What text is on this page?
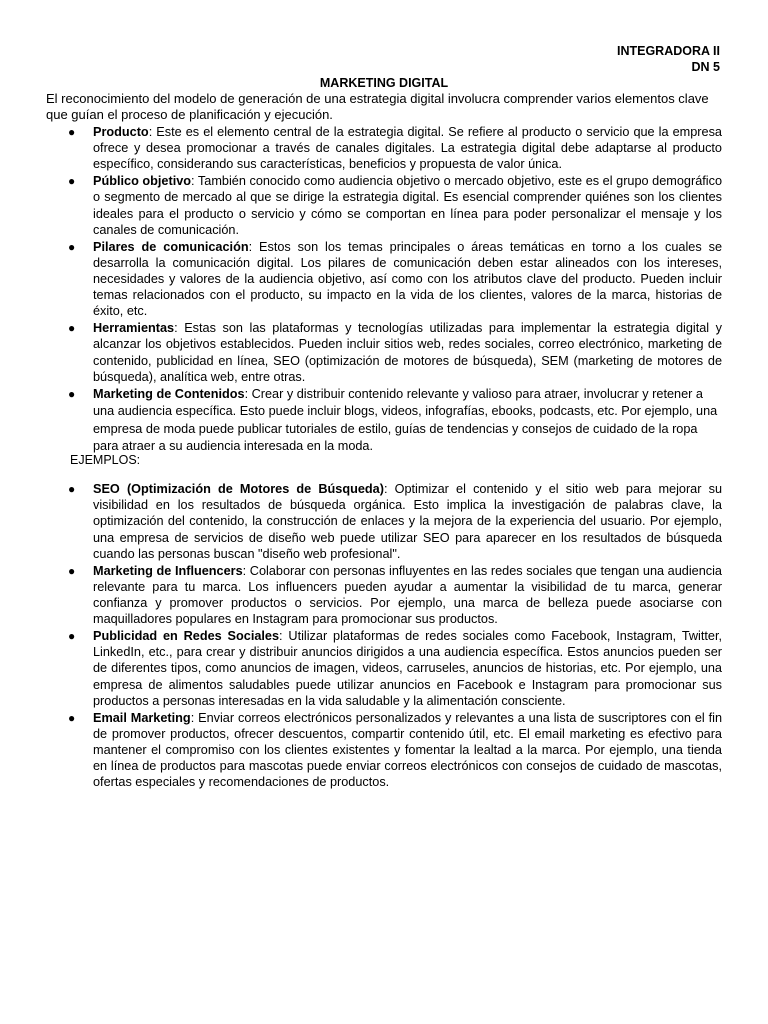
INTEGRADORA II
DN 5
MARKETING DIGITAL

El reconocimiento del modelo de generación de una estrategia digital involucra comprender varios elementos clave que guían el proceso de planificación y ejecución.

● Producto: Este es el elemento central de la estrategia digital. Se refiere al producto o servicio que la empresa ofrece y desea promocionar a través de canales digitales. La estrategia digital debe adaptarse al producto específico, considerando sus características, beneficios y propuesta de valor única.
● Público objetivo: También conocido como audiencia objetivo o mercado objetivo, este es el grupo demográfico o segmento de mercado al que se dirige la estrategia digital. Es esencial comprender quiénes son los clientes ideales para el producto o servicio y cómo se comportan en línea para poder personalizar el mensaje y los canales de comunicación.
● Pilares de comunicación: Estos son los temas principales o áreas temáticas en torno a los cuales se desarrolla la comunicación digital. Los pilares de comunicación deben estar alineados con los intereses, necesidades y valores de la audiencia objetivo, así como con los atributos clave del producto. Pueden incluir temas relacionados con el producto, su impacto en la vida de los clientes, valores de la marca, historias de éxito, etc.
● Herramientas: Estas son las plataformas y tecnologías utilizadas para implementar la estrategia digital y alcanzar los objetivos establecidos. Pueden incluir sitios web, redes sociales, correo electrónico, marketing de contenido, publicidad en línea, SEO (optimización de motores de búsqueda), SEM (marketing de motores de búsqueda), analítica web, entre otras.
● Marketing de Contenidos: Crear y distribuir contenido relevante y valioso para atraer, involucrar y retener a una audiencia específica. Esto puede incluir blogs, videos, infografías, ebooks, podcasts, etc. Por ejemplo, una empresa de moda puede publicar tutoriales de estilo, guías de tendencias y consejos de cuidado de la ropa para atraer a su audiencia interesada en la moda.
EJEMPLOS:
● SEO (Optimización de Motores de Búsqueda): Optimizar el contenido y el sitio web para mejorar su visibilidad en los resultados de búsqueda orgánica. Esto implica la investigación de palabras clave, la optimización del contenido, la construcción de enlaces y la mejora de la experiencia del usuario. Por ejemplo, una empresa de servicios de diseño web puede utilizar SEO para aparecer en los resultados de búsqueda cuando las personas buscan "diseño web profesional".
● Marketing de Influencers: Colaborar con personas influyentes en las redes sociales que tengan una audiencia relevante para tu marca. Los influencers pueden ayudar a aumentar la visibilidad de tu marca, generar confianza y promover productos o servicios. Por ejemplo, una marca de belleza puede asociarse con maquilladores populares en Instagram para promocionar sus productos.
● Publicidad en Redes Sociales: Utilizar plataformas de redes sociales como Facebook, Instagram, Twitter, LinkedIn, etc., para crear y distribuir anuncios dirigidos a una audiencia específica. Estos anuncios pueden ser de diferentes tipos, como anuncios de imagen, videos, carruseles, anuncios de historias, etc. Por ejemplo, una empresa de alimentos saludables puede utilizar anuncios en Facebook e Instagram para promocionar sus productos a personas interesadas en la vida saludable y la alimentación consciente.
● Email Marketing: Enviar correos electrónicos personalizados y relevantes a una lista de suscriptores con el fin de promover productos, ofrecer descuentos, compartir contenido útil, etc. El email marketing es efectivo para mantener el compromiso con los clientes existentes y fomentar la lealtad a la marca. Por ejemplo, una tienda en línea de productos para mascotas puede enviar correos electrónicos con consejos de cuidado de mascotas, ofertas especiales y recomendaciones de productos.
